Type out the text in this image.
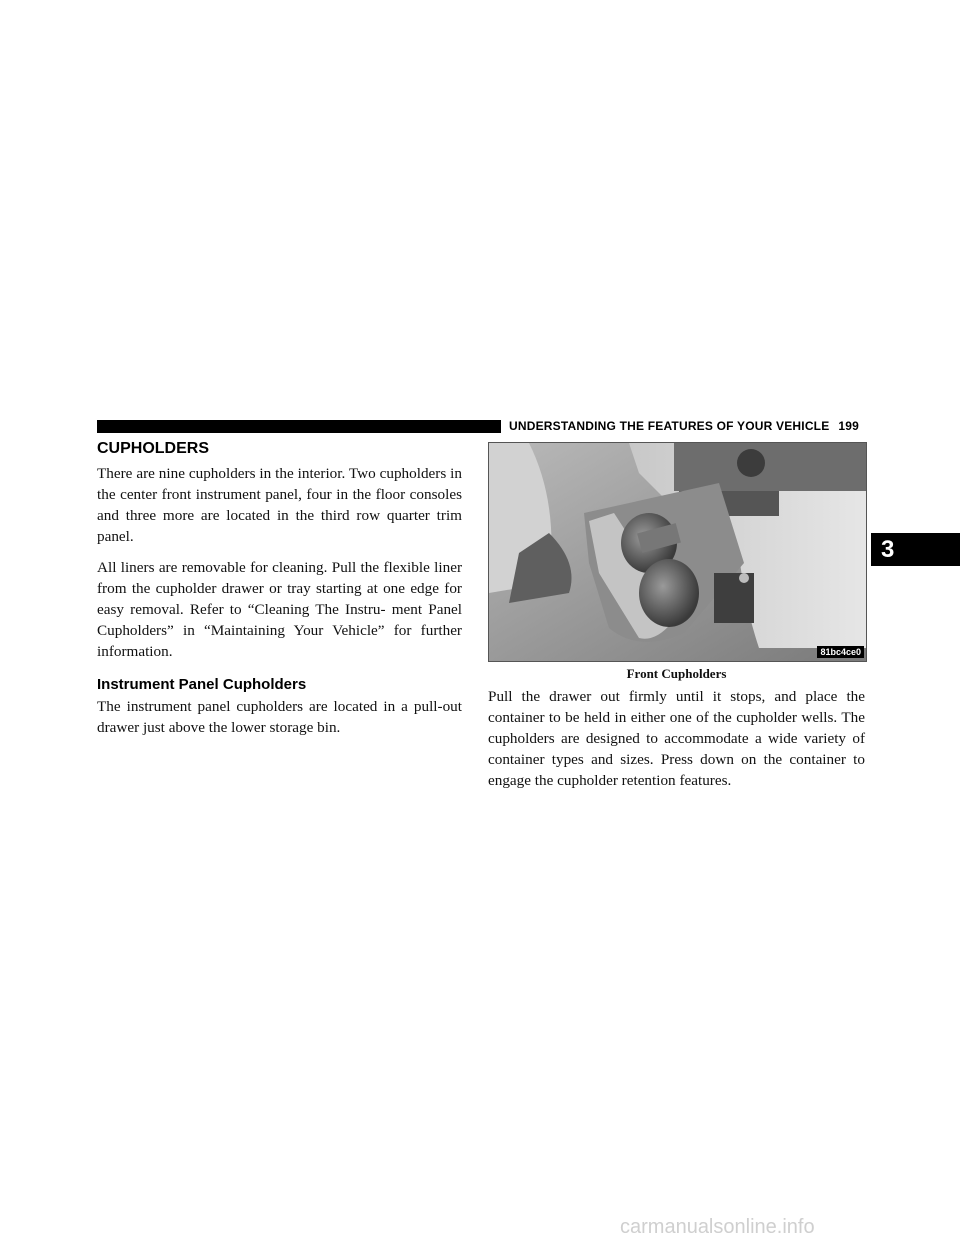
UNDERSTANDING THE FEATURES OF YOUR VEHICLE 199
3
CUPHOLDERS

There are nine cupholders in the interior. Two cupholders in the center front instrument panel, four in the floor consoles and three more are located in the third row quarter trim panel.

All liners are removable for cleaning. Pull the flexible liner from the cupholder drawer or tray starting at one edge for easy removal. Refer to “Cleaning The Instru- ment Panel Cupholders” in “Maintaining Your Vehicle” for further information.

Instrument Panel Cupholders

The instrument panel cupholders are located in a pull-out drawer just above the lower storage bin.

81bc4ce0
Front Cupholders

Pull the drawer out firmly until it stops, and place the container to be held in either one of the cupholder wells. The cupholders are designed to accommodate a wide variety of container types and sizes. Press down on the container to engage the cupholder retention features.

carmanualsonline.info
